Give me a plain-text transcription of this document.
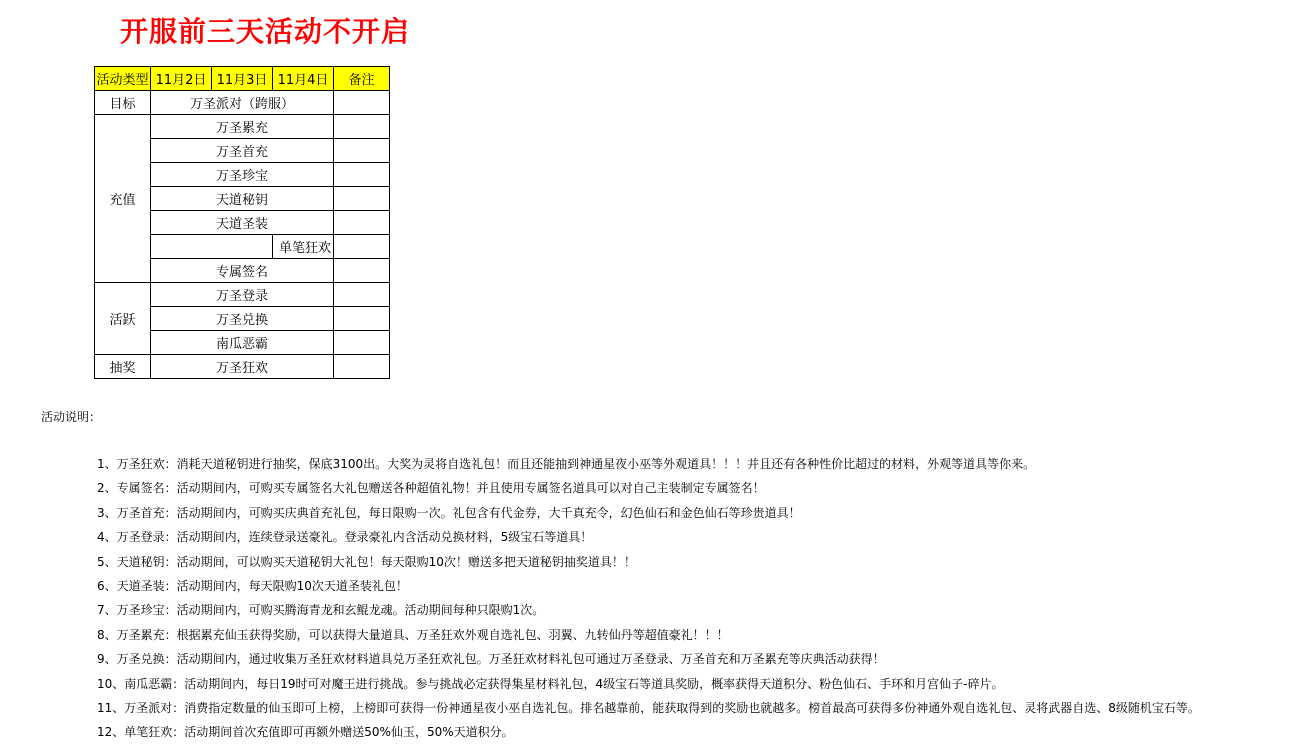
开服前三天活动不开启
活动类型	11月2日	11月3日	11月4日	备注
目标	万圣派对（跨服）			
充值	万圣累充			
	万圣首充			
	万圣珍宝			
	天道秘钥			
	天道圣装			
			单笔狂欢	
	专属签名			
活跃	万圣登录			
	万圣兑换			
	南瓜恶霸			
抽奖	万圣狂欢			
活动说明：
1、万圣狂欢：消耗天道秘钥进行抽奖，保底3100出。大奖为灵将自选礼包！而且还能抽到神通星夜小巫等外观道具！！！并且还有各种性价比超过的材料，外观等道具等你来。
2、专属签名：活动期间内，可购买专属签名大礼包赠送各种超值礼物！并且使用专属签名道具可以对自己主装制定专属签名！
3、万圣首充：活动期间内，可购买庆典首充礼包，每日限购一次。礼包含有代金券，大千真充令，幻色仙石和金色仙石等珍贵道具！
4、万圣登录：活动期间内，连续登录送豪礼。登录豪礼内含活动兑换材料，5级宝石等道具！
5、天道秘钥：活动期间，可以购买天道秘钥大礼包！每天限购10次！赠送多把天道秘钥抽奖道具！！
6、天道圣装：活动期间内，每天限购10次天道圣装礼包！
7、万圣珍宝：活动期间内，可购买腾海青龙和玄鲲龙魂。活动期间每种只限购1次。
8、万圣累充：根据累充仙玉获得奖励，可以获得大量道具、万圣狂欢外观自选礼包、羽翼、九转仙丹等超值豪礼！！！
9、万圣兑换：活动期间内，通过收集万圣狂欢材料道具兑万圣狂欢礼包。万圣狂欢材料礼包可通过万圣登录、万圣首充和万圣累充等庆典活动获得！
10、南瓜恶霸：活动期间内，每日19时可对魔王进行挑战。参与挑战必定获得集星材料礼包，4级宝石等道具奖励，概率获得天道积分、粉色仙石、手环和月宫仙子-碎片。
11、万圣派对：消费指定数量的仙玉即可上榜，上榜即可获得一份神通星夜小巫自选礼包。排名越靠前，能获取得到的奖励也就越多。榜首最高可获得多份神通外观自选礼包、灵将武器自选、8级随机宝石等。
12、单笔狂欢：活动期间首次充值即可再额外赠送50%仙玉，50%天道积分。
